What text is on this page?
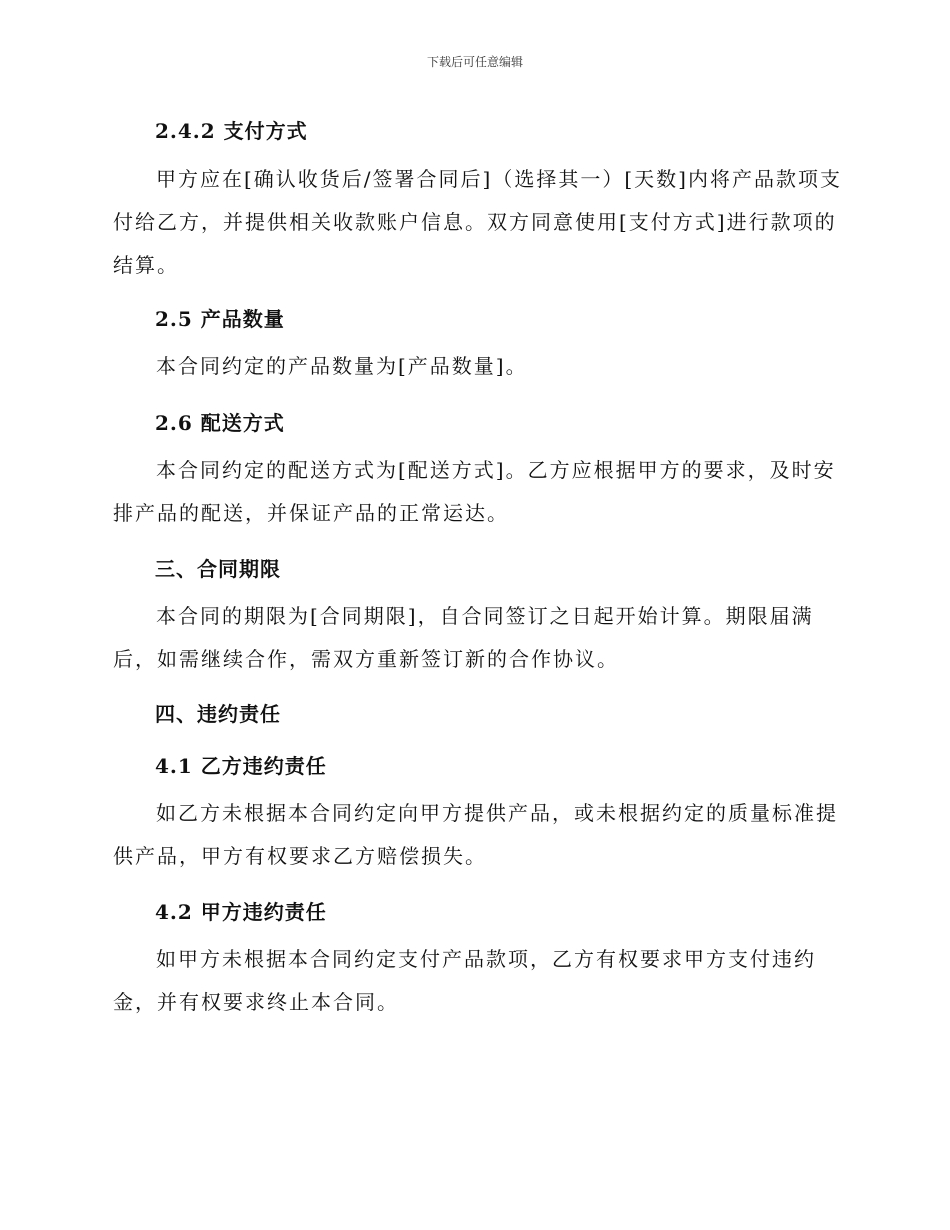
下载后可任意编辑
2.4.2 支付方式
甲方应在[确认收货后/签署合同后]（选择其一）[天数]内将产品款项支
付给乙方，并提供相关收款账户信息。双方同意使用[支付方式]进行款项的
结算。
2.5 产品数量
本合同约定的产品数量为[产品数量]。
2.6 配送方式
本合同约定的配送方式为[配送方式]。乙方应根据甲方的要求，及时安
排产品的配送，并保证产品的正常运达。
三、合同期限
本合同的期限为[合同期限]，自合同签订之日起开始计算。期限届满
后，如需继续合作，需双方重新签订新的合作协议。
四、违约责任
4.1 乙方违约责任
如乙方未根据本合同约定向甲方提供产品，或未根据约定的质量标准提
供产品，甲方有权要求乙方赔偿损失。
4.2 甲方违约责任
如甲方未根据本合同约定支付产品款项，乙方有权要求甲方支付违约
金，并有权要求终止本合同。
